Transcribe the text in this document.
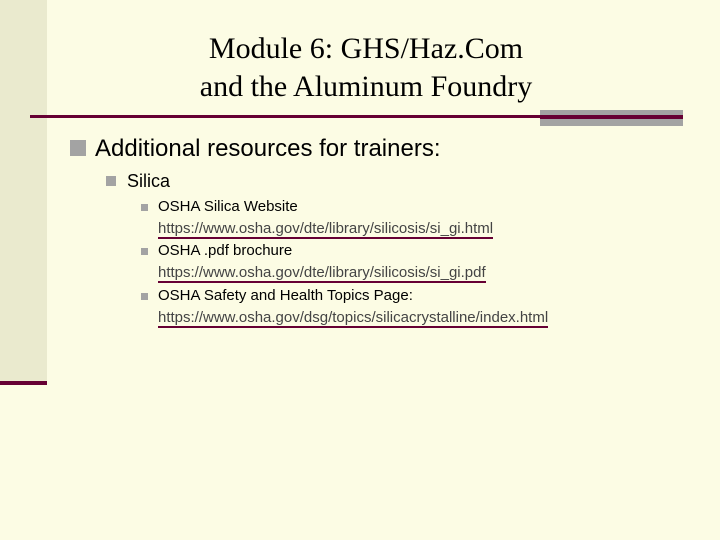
Module 6: GHS/Haz.Com
and the Aluminum Foundry
Additional resources for trainers:
Silica
OSHA Silica Website
https://www.osha.gov/dte/library/silicosis/si_gi.html
OSHA .pdf brochure
https://www.osha.gov/dte/library/silicosis/si_gi.pdf
OSHA Safety and Health Topics Page:
https://www.osha.gov/dsg/topics/silicacrystalline/index.html
